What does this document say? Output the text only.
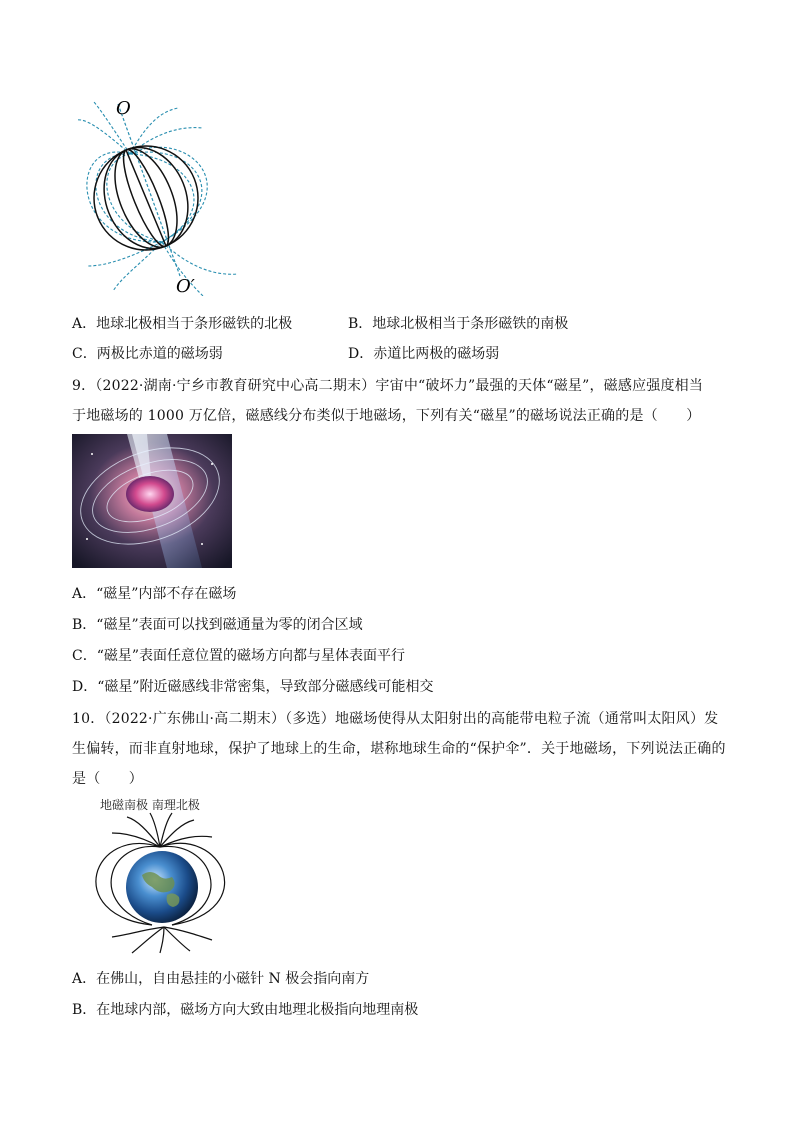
O
O′
A．地球北极相当于条形磁铁的北极	B．地球北极相当于条形磁铁的南极
C．两极比赤道的磁场弱	D．赤道比两极的磁场弱
9．（2022·湖南·宁乡市教育研究中心高二期末）宇宙中“破坏力”最强的天体“磁星”，磁感应强度相当
于地磁场的 1000 万亿倍，磁感线分布类似于地磁场，下列有关“磁星”的磁场说法正确的是（　　）
A．“磁星”内部不存在磁场
B．“磁星”表面可以找到磁通量为零的闭合区域
C．“磁星”表面任意位置的磁场方向都与星体表面平行
D．“磁星”附近磁感线非常密集，导致部分磁感线可能相交
10．（2022·广东佛山·高二期末）（多选）地磁场使得从太阳射出的高能带电粒子流（通常叫太阳风）发
生偏转，而非直射地球，保护了地球上的生命，堪称地球生命的“保护伞”．关于地磁场，下列说法正确的
是（　　）
地磁南极 南理北极
A．在佛山，自由悬挂的小磁针 N 极会指向南方
B．在地球内部，磁场方向大致由地理北极指向地理南极
